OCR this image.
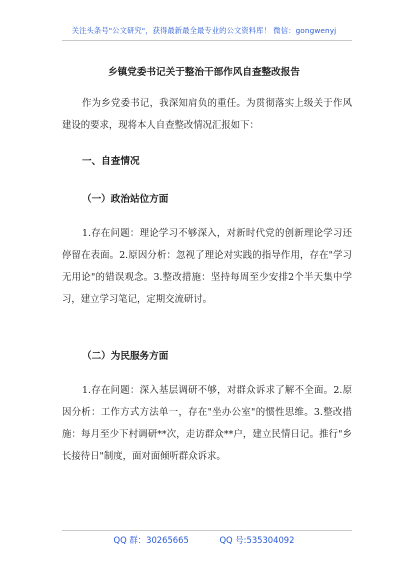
关注头条号"公文研究"，获得最新最全最专业的公文资料库！ 微信：gongwenyj
乡镇党委书记关于整治干部作风自查整改报告
作为乡党委书记，我深知肩负的重任。为贯彻落实上级关于作风建设的要求，现将本人自查整改情况汇报如下：
一、自查情况
（一）政治站位方面
1.存在问题：理论学习不够深入，对新时代党的创新理论学习还停留在表面。2.原因分析：忽视了理论对实践的指导作用，存在"学习无用论"的错误观念。3.整改措施：坚持每周至少安排2个半天集中学习，建立学习笔记，定期交流研讨。
（二）为民服务方面
1.存在问题：深入基层调研不够，对群众诉求了解不全面。2.原因分析：工作方式方法单一，存在"坐办公室"的惯性思维。3.整改措施：每月至少下村调研**次，走访群众**户，建立民情日记。推行"乡长接待日"制度，面对面倾听群众诉求。
QQ 群：30265665	QQ 号:535304092
